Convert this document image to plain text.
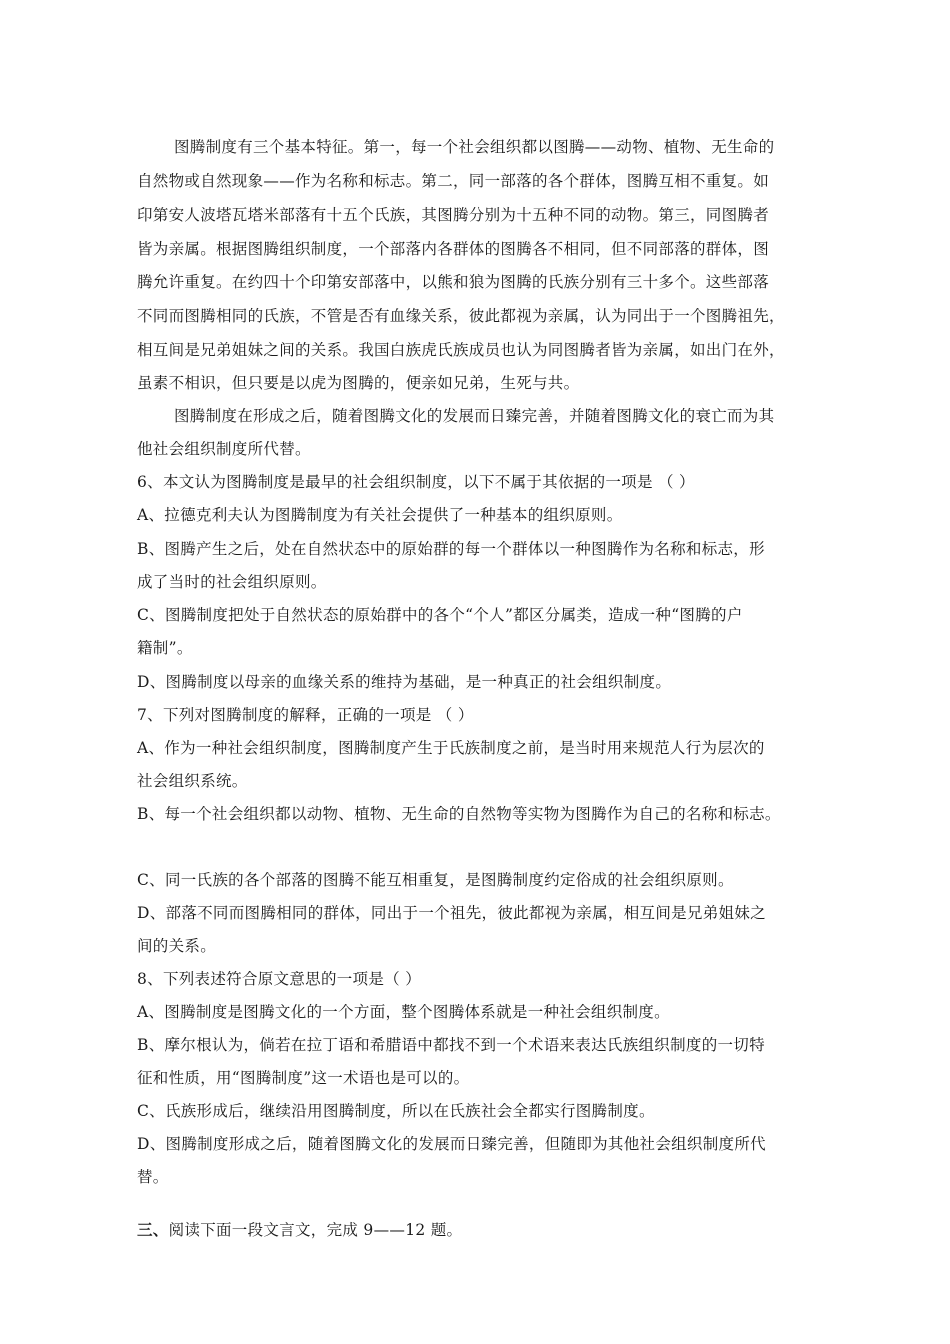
图腾制度有三个基本特征。第一，每一个社会组织都以图腾——动物、植物、无生命的
自然物或自然现象——作为名称和标志。第二，同一部落的各个群体，图腾互相不重复。如
印第安人波塔瓦塔米部落有十五个氏族，其图腾分别为十五种不同的动物。第三，同图腾者
皆为亲属。根据图腾组织制度，一个部落内各群体的图腾各不相同，但不同部落的群体，图
腾允许重复。在约四十个印第安部落中，以熊和狼为图腾的氏族分别有三十多个。这些部落
不同而图腾相同的氏族，不管是否有血缘关系，彼此都视为亲属，认为同出于一个图腾祖先，
相互间是兄弟姐妹之间的关系。我国白族虎氏族成员也认为同图腾者皆为亲属，如出门在外，
虽素不相识，但只要是以虎为图腾的，便亲如兄弟，生死与共。
图腾制度在形成之后，随着图腾文化的发展而日臻完善，并随着图腾文化的衰亡而为其
他社会组织制度所代替。
6、本文认为图腾制度是最早的社会组织制度，以下不属于其依据的一项是 （ ）
A、拉德克利夫认为图腾制度为有关社会提供了一种基本的组织原则。
B、图腾产生之后，处在自然状态中的原始群的每一个群体以一种图腾作为名称和标志，形
成了当时的社会组织原则。
C、图腾制度把处于自然状态的原始群中的各个“个人”都区分属类，造成一种“图腾的户
籍制”。
D、图腾制度以母亲的血缘关系的维持为基础，是一种真正的社会组织制度。
7、下列对图腾制度的解释，正确的一项是 （ ）
A、作为一种社会组织制度，图腾制度产生于氏族制度之前，是当时用来规范人行为层次的
社会组织系统。
B、每一个社会组织都以动物、植物、无生命的自然物等实物为图腾作为自己的名称和标志。
C、同一氏族的各个部落的图腾不能互相重复，是图腾制度约定俗成的社会组织原则。
D、部落不同而图腾相同的群体，同出于一个祖先，彼此都视为亲属，相互间是兄弟姐妹之
间的关系。
8、下列表述符合原文意思的一项是（ ）
A、图腾制度是图腾文化的一个方面，整个图腾体系就是一种社会组织制度。
B、摩尔根认为，倘若在拉丁语和希腊语中都找不到一个术语来表达氏族组织制度的一切特
征和性质，用“图腾制度”这一术语也是可以的。
C、氏族形成后，继续沿用图腾制度，所以在氏族社会全都实行图腾制度。
D、图腾制度形成之后，随着图腾文化的发展而日臻完善，但随即为其他社会组织制度所代
替。
三、阅读下面一段文言文，完成 9——12 题。
